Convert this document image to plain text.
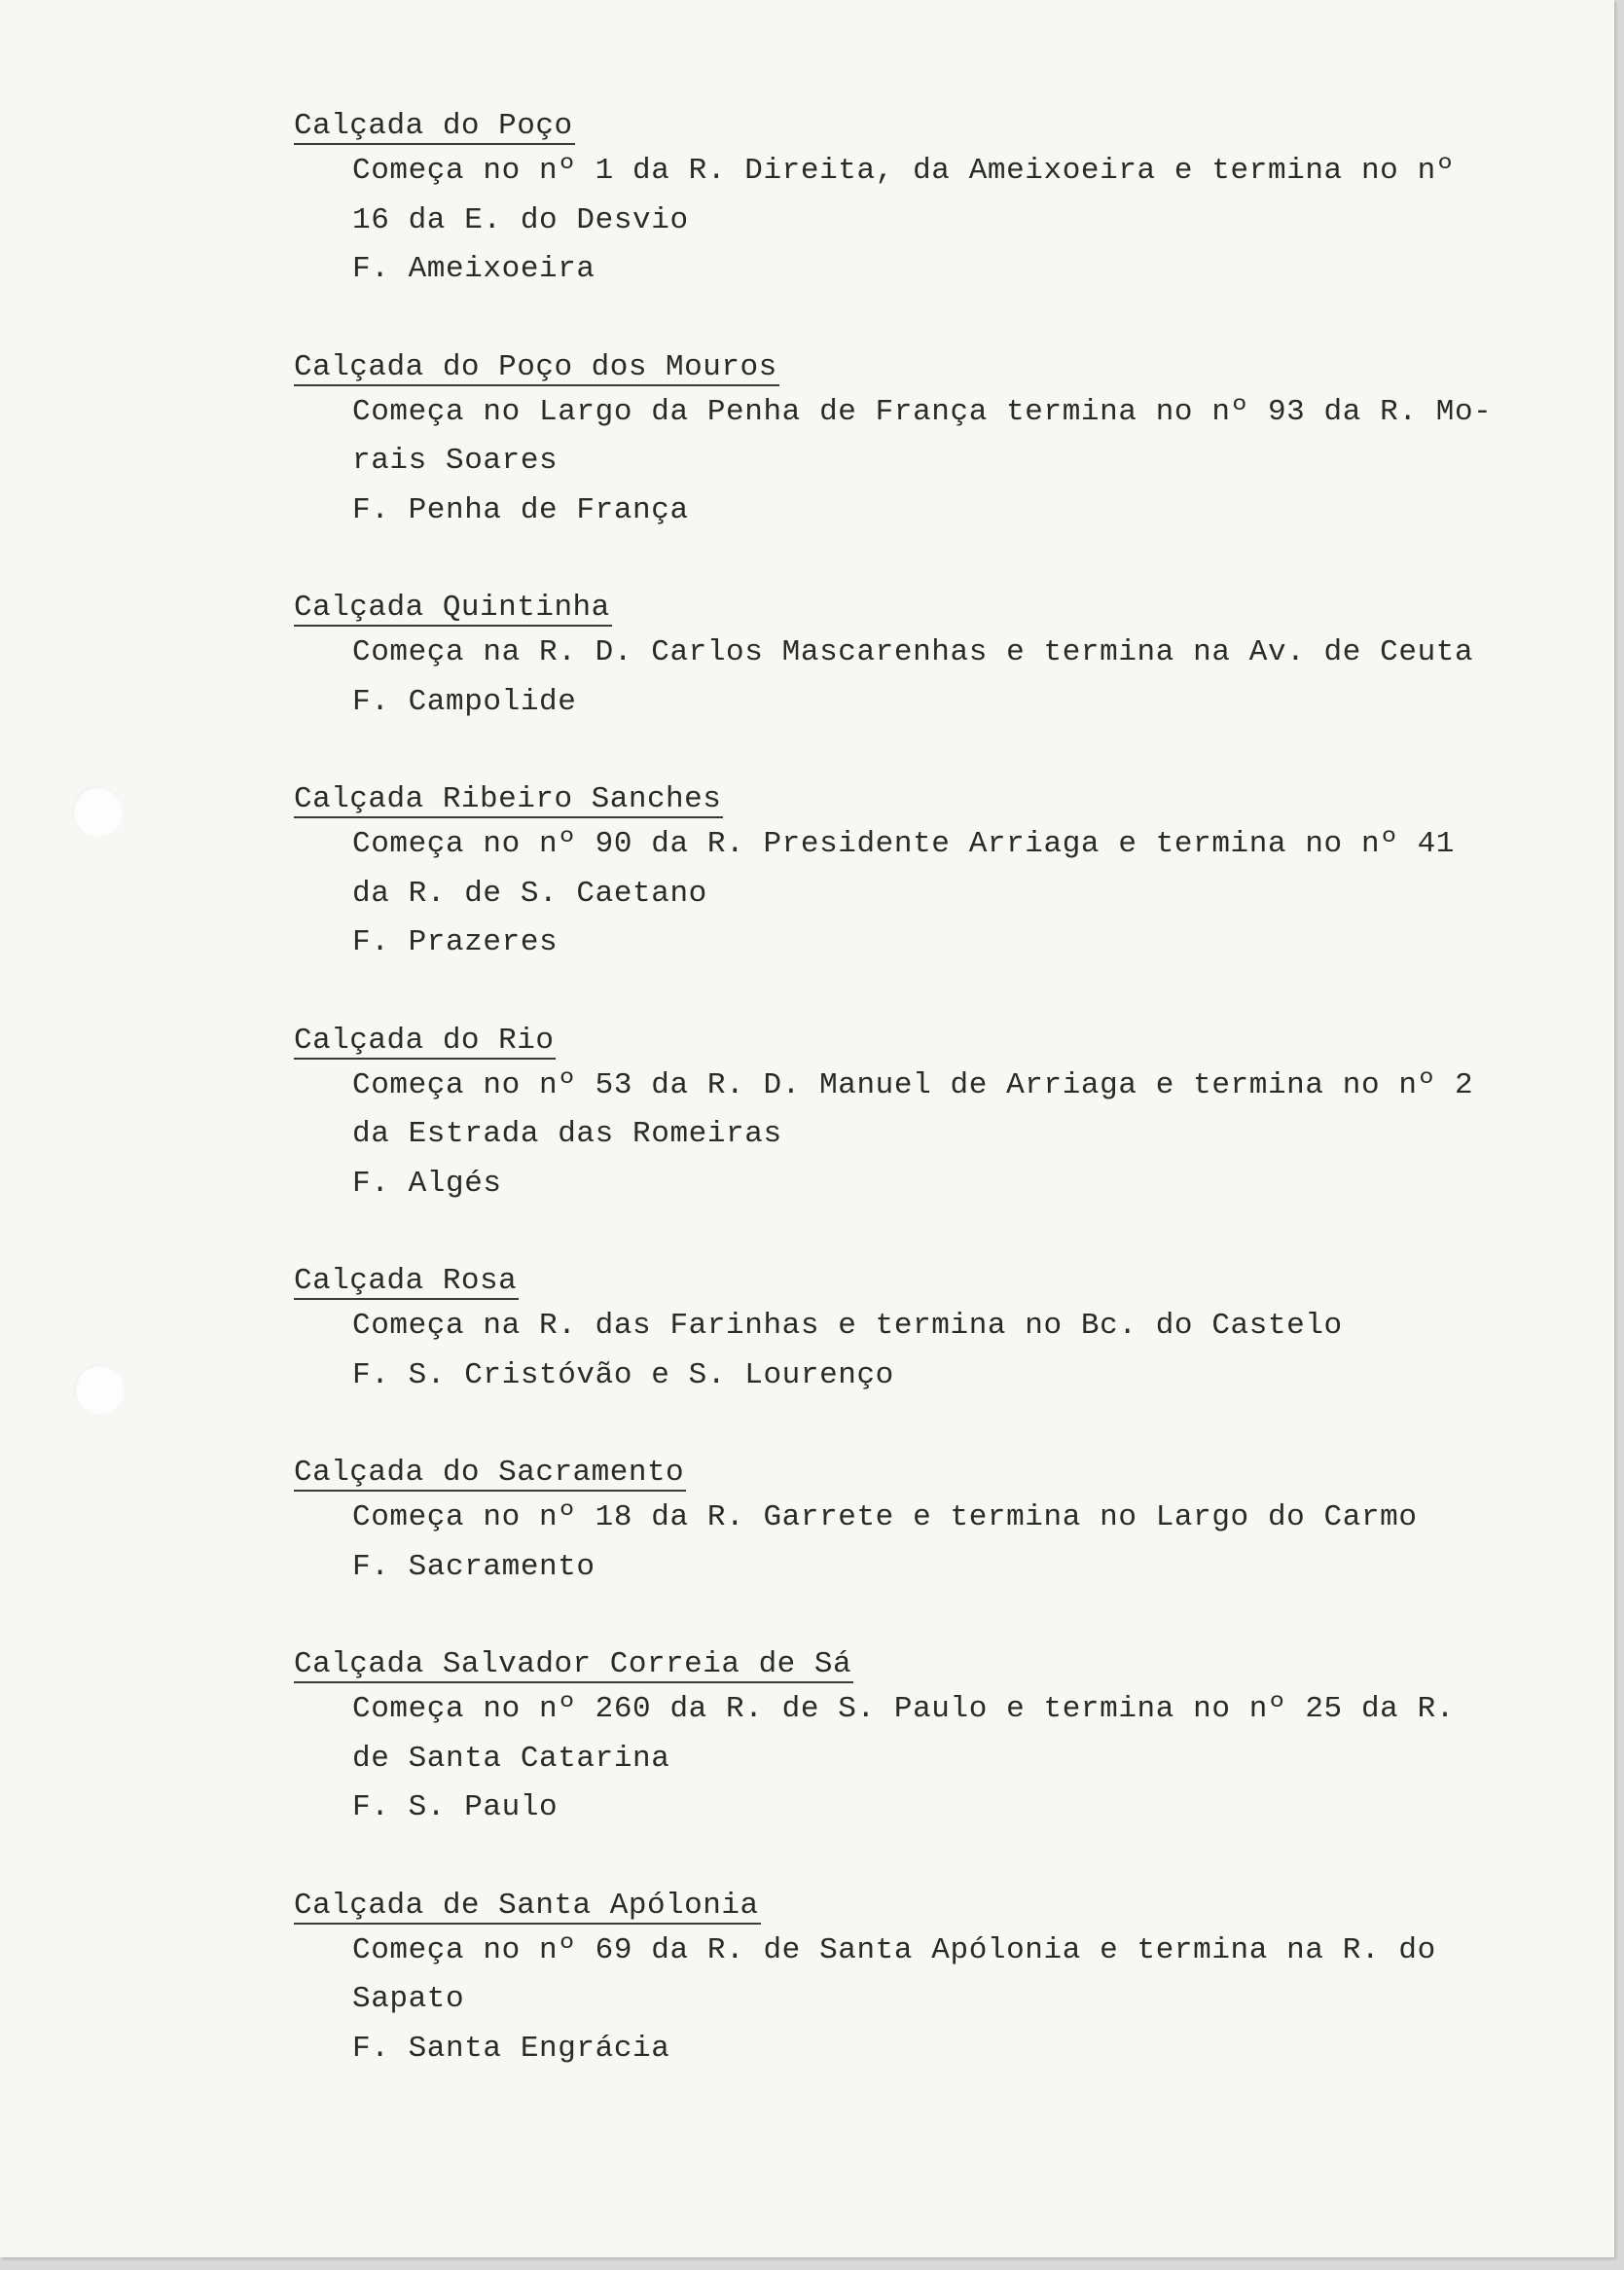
Calçada do Poço
Começa no nº 1 da R. Direita, da Ameixoeira e termina no nº
16 da E. do Desvio
F. Ameixoeira
Calçada do Poço dos Mouros
Começa no Largo da Penha de França termina no nº 93 da R. Mo-
rais Soares
F. Penha de França
Calçada Quintinha
Começa na R. D. Carlos Mascarenhas e termina na Av. de Ceuta
F. Campolide
Calçada Ribeiro Sanches
Começa no nº 90 da R. Presidente Arriaga e termina no nº 41
da R. de S. Caetano
F. Prazeres
Calçada do Rio
Começa no nº 53 da R. D. Manuel de Arriaga e termina no nº 2
da Estrada das Romeiras
F. Algés
Calçada Rosa
Começa na R. das Farinhas e termina no Bc. do Castelo
F. S. Cristóvão e S. Lourenço
Calçada do Sacramento
Começa no nº 18 da R. Garrete e termina no Largo do Carmo
F. Sacramento
Calçada Salvador Correia de Sá
Começa no nº 260 da R. de S. Paulo e termina no nº 25 da R.
de Santa Catarina
F. S. Paulo
Calçada de Santa Apólonia
Começa no nº 69 da R. de Santa Apólonia e termina na R. do
Sapato
F. Santa Engrácia
